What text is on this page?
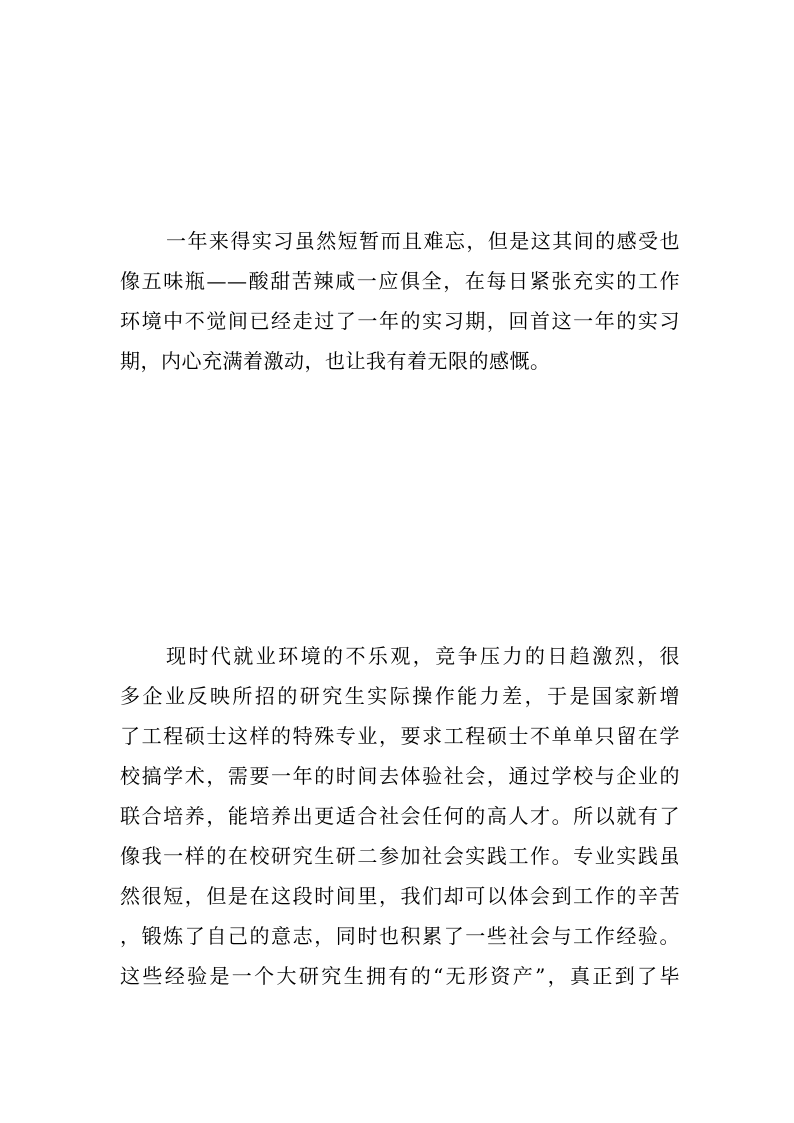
一年来得实习虽然短暂而且难忘，但是这其间的感受也
像五味瓶——酸甜苦辣咸一应俱全，在每日紧张充实的工作
环境中不觉间已经走过了一年的实习期，回首这一年的实习
期，内心充满着激动，也让我有着无限的感慨。
现时代就业环境的不乐观，竞争压力的日趋激烈，很
多企业反映所招的研究生实际操作能力差，于是国家新增
了工程硕士这样的特殊专业，要求工程硕士不单单只留在学
校搞学术，需要一年的时间去体验社会，通过学校与企业的
联合培养，能培养出更适合社会任何的高人才。所以就有了
像我一样的在校研究生研二参加社会实践工作。专业实践虽
然很短，但是在这段时间里，我们却可以体会到工作的辛苦
，锻炼了自己的意志，同时也积累了一些社会与工作经验。
这些经验是一个大研究生拥有的“无形资产”，真正到了毕
